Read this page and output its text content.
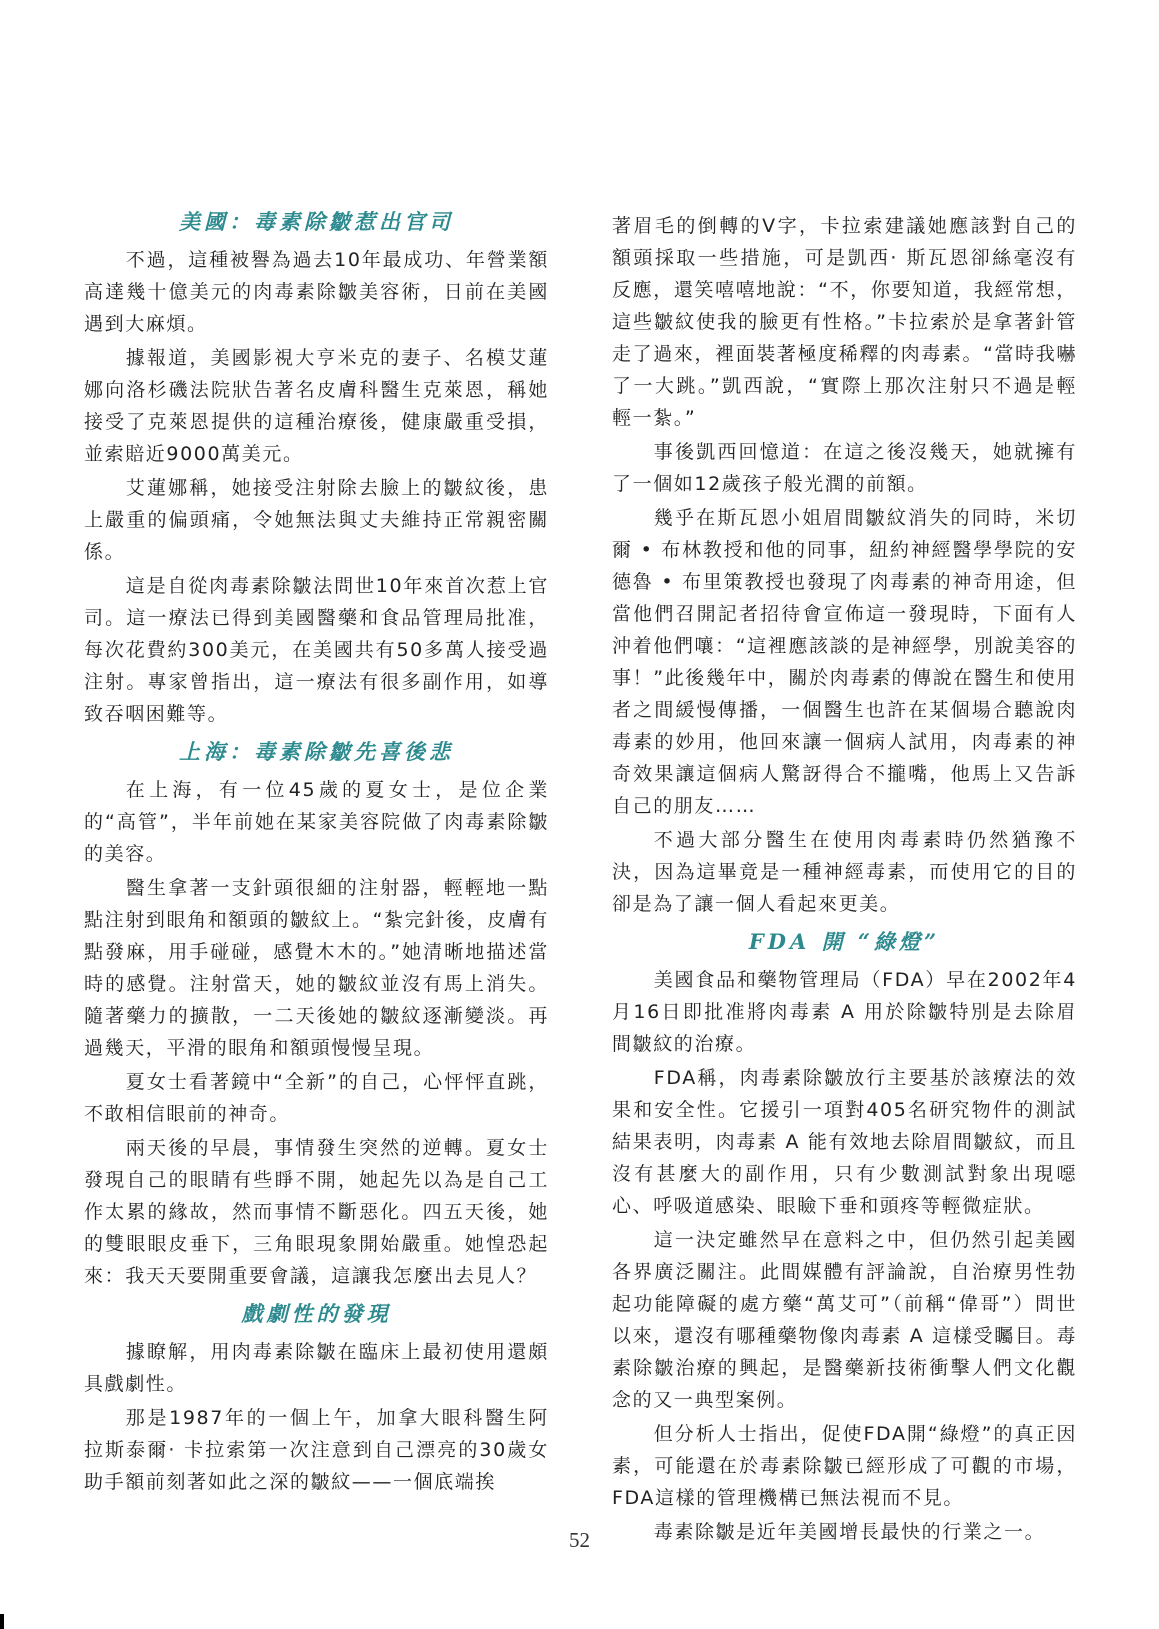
美國：毒素除皺惹出官司

不過，這種被譽為過去10年最成功、年營業額高達幾十億美元的肉毒素除皺美容術，日前在美國遇到大麻煩。

據報道，美國影視大亨米克的妻子、名模艾蓮娜向洛杉磯法院狀告著名皮膚科醫生克萊恩，稱她接受了克萊恩提供的這種治療後，健康嚴重受損，並索賠近9000萬美元。

艾蓮娜稱，她接受注射除去臉上的皺紋後，患上嚴重的偏頭痛，令她無法與丈夫維持正常親密關係。

這是自從肉毒素除皺法問世10年來首次惹上官司。這一療法已得到美國醫藥和食品管理局批准，每次花費約300美元，在美國共有50多萬人接受過注射。專家曾指出，這一療法有很多副作用，如導致吞咽困難等。

上海：毒素除皺先喜後悲

在上海，有一位45歲的夏女士，是位企業的“高管”，半年前她在某家美容院做了肉毒素除皺的美容。

醫生拿著一支針頭很細的注射器，輕輕地一點點注射到眼角和額頭的皺紋上。“紮完針後，皮膚有點發麻，用手碰碰，感覺木木的。”她清晰地描述當時的感覺。注射當天，她的皺紋並沒有馬上消失。隨著藥力的擴散，一二天後她的皺紋逐漸變淡。再過幾天，平滑的眼角和額頭慢慢呈現。

夏女士看著鏡中“全新”的自己，心怦怦直跳，不敢相信眼前的神奇。

兩天後的早晨，事情發生突然的逆轉。夏女士發現自己的眼睛有些睜不開，她起先以為是自己工作太累的緣故，然而事情不斷惡化。四五天後，她的雙眼眼皮垂下，三角眼現象開始嚴重。她惶恐起來：我天天要開重要會議，這讓我怎麼出去見人？

戲劇性的發現

據瞭解，用肉毒素除皺在臨床上最初使用還頗具戲劇性。

那是1987年的一個上午，加拿大眼科醫生阿拉斯泰爾· 卡拉索第一次注意到自己漂亮的30歲女助手額前刻著如此之深的皺紋——一個底端挨

著眉毛的倒轉的V字，卡拉索建議她應該對自己的額頭採取一些措施，可是凱西· 斯瓦恩卻絲毫沒有反應，還笑嘻嘻地說：“不，你要知道，我經常想，這些皺紋使我的臉更有性格。”卡拉索於是拿著針管走了過來，裡面裝著極度稀釋的肉毒素。“當時我嚇了一大跳。”凱西說，“實際上那次注射只不過是輕輕一紮。”

事後凱西回憶道：在這之後沒幾天，她就擁有了一個如12歲孩子般光潤的前額。

幾乎在斯瓦恩小姐眉間皺紋消失的同時，米切爾 • 布林教授和他的同事，紐約神經醫學學院的安德魯 • 布里策教授也發現了肉毒素的神奇用途，但當他們召開記者招待會宣佈這一發現時，下面有人沖着他們嚷：“這裡應該談的是神經學，別說美容的事！”此後幾年中，關於肉毒素的傳說在醫生和使用者之間緩慢傳播，一個醫生也許在某個場合聽說肉毒素的妙用，他回來讓一個病人試用，肉毒素的神奇效果讓這個病人驚訝得合不攏嘴，他馬上又告訴自己的朋友……

不過大部分醫生在使用肉毒素時仍然猶豫不決，因為這畢竟是一種神經毒素，而使用它的目的卻是為了讓一個人看起來更美。

FDA 開 “綠燈”

美國食品和藥物管理局（FDA）早在2002年4月16日即批准將肉毒素 A 用於除皺特別是去除眉間皺紋的治療。

FDA稱，肉毒素除皺放行主要基於該療法的效果和安全性。它援引一項對405名研究物件的測試結果表明，肉毒素 A 能有效地去除眉間皺紋，而且沒有甚麼大的副作用，只有少數測試對象出現噁心、呼吸道感染、眼瞼下垂和頭疼等輕微症狀。

這一決定雖然早在意料之中，但仍然引起美國各界廣泛關注。此間媒體有評論說，自治療男性勃起功能障礙的處方藥“萬艾可”（前稱“偉哥”）問世以來，還沒有哪種藥物像肉毒素 A 這樣受矚目。毒素除皺治療的興起，是醫藥新技術衝擊人們文化觀念的又一典型案例。

但分析人士指出，促使FDA開“綠燈”的真正因素，可能還在於毒素除皺已經形成了可觀的市場，FDA這樣的管理機構已無法視而不見。

毒素除皺是近年美國增長最快的行業之一。

52
